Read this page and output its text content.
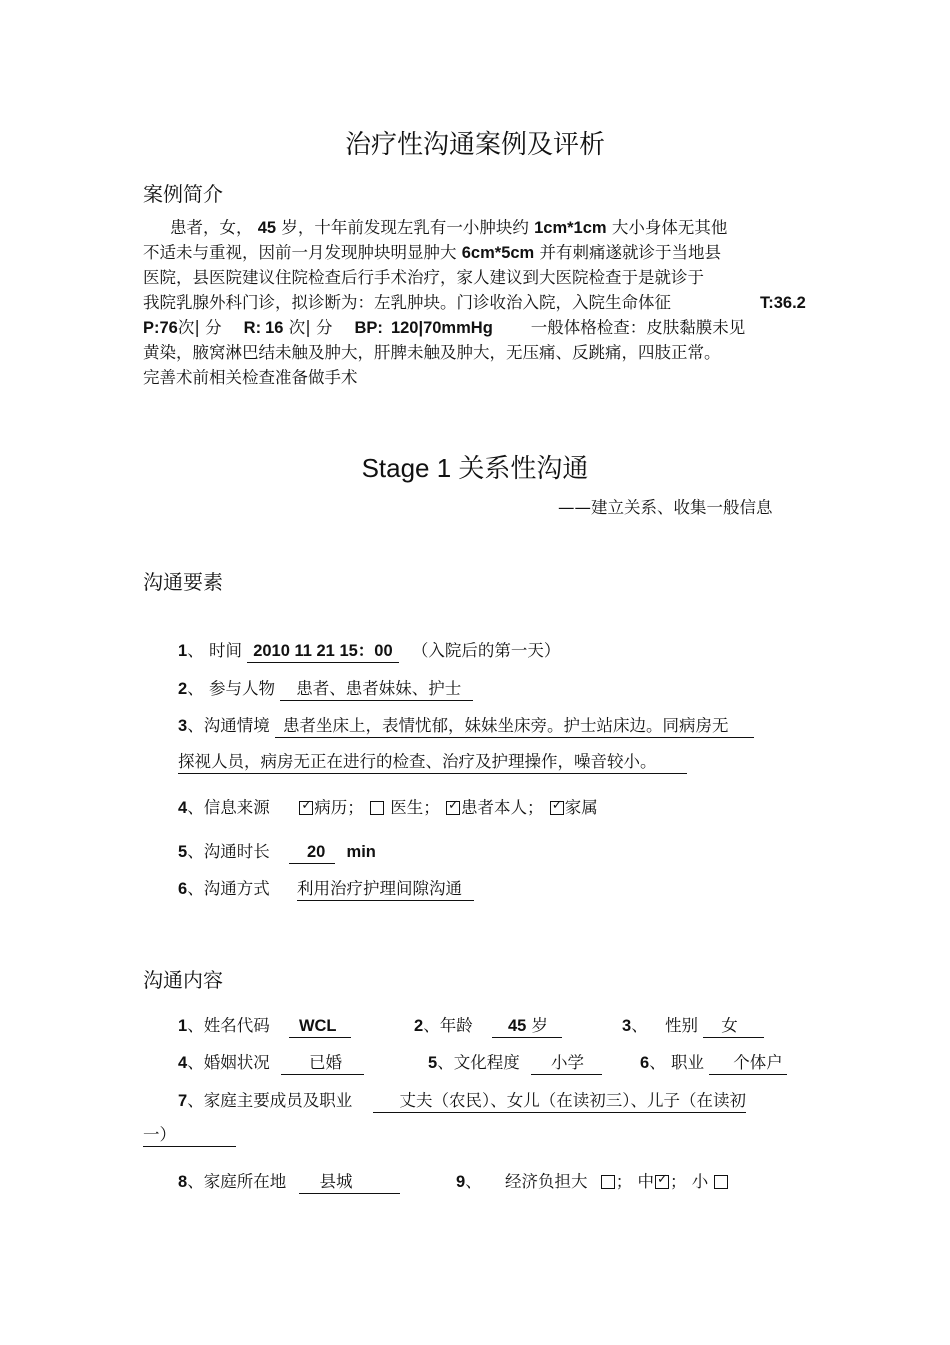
治疗性沟通案例及评析
案例简介
患者，女， 45 岁，十年前发现左乳有一小肿块约 1cm*1cm 大小身体无其他
不适未与重视，因前一月发现肿块明显肿大 6cm*5cm 并有刺痛遂就诊于当地县
医院，县医院建议住院检查后行手术治疗，家人建议到大医院检查于是就诊于
我院乳腺外科门诊，拟诊断为：左乳肿块。门诊收治入院，入院生命体征	T:36.2
P:76次| 分 R: 16 次| 分 BP: 120|70mmHg 一般体格检查：皮肤黏膜未见
黄染，腋窝淋巴结未触及肿大，肝脾未触及肿大，无压痛、反跳痛，四肢正常。
完善术前相关检查准备做手术
Stage 1 关系性沟通
——建立关系、收集一般信息
沟通要素
1、 时间 2010 11 21 15：00 （入院后的第一天）
2、 参与人物 患者、患者妹妹、护士
3、沟通情境 患者坐床上，表情忧郁，妹妹坐床旁。护士站床边。同病房无
探视人员，病房无正在进行的检查、治疗及护理操作，噪音较小。
4、信息来源 ✓	病历；  医生； ✓患者本人； ✓家属
5、沟通时长 20 min
6、沟通方式 利用治疗护理间隙沟通
沟通内容
1、姓名代码 WCL	2、年龄 45 岁	3、 性别 女
4、婚姻状况 已婚	5、文化程度 小学	6、 职业 个体户
7、家庭主要成员及职业	丈夫（农民）、女儿（在读初三）、儿子（在读初
一）
8、家庭所在地 县城	9、 经济负担大 ； 中 ✓ ； 小
